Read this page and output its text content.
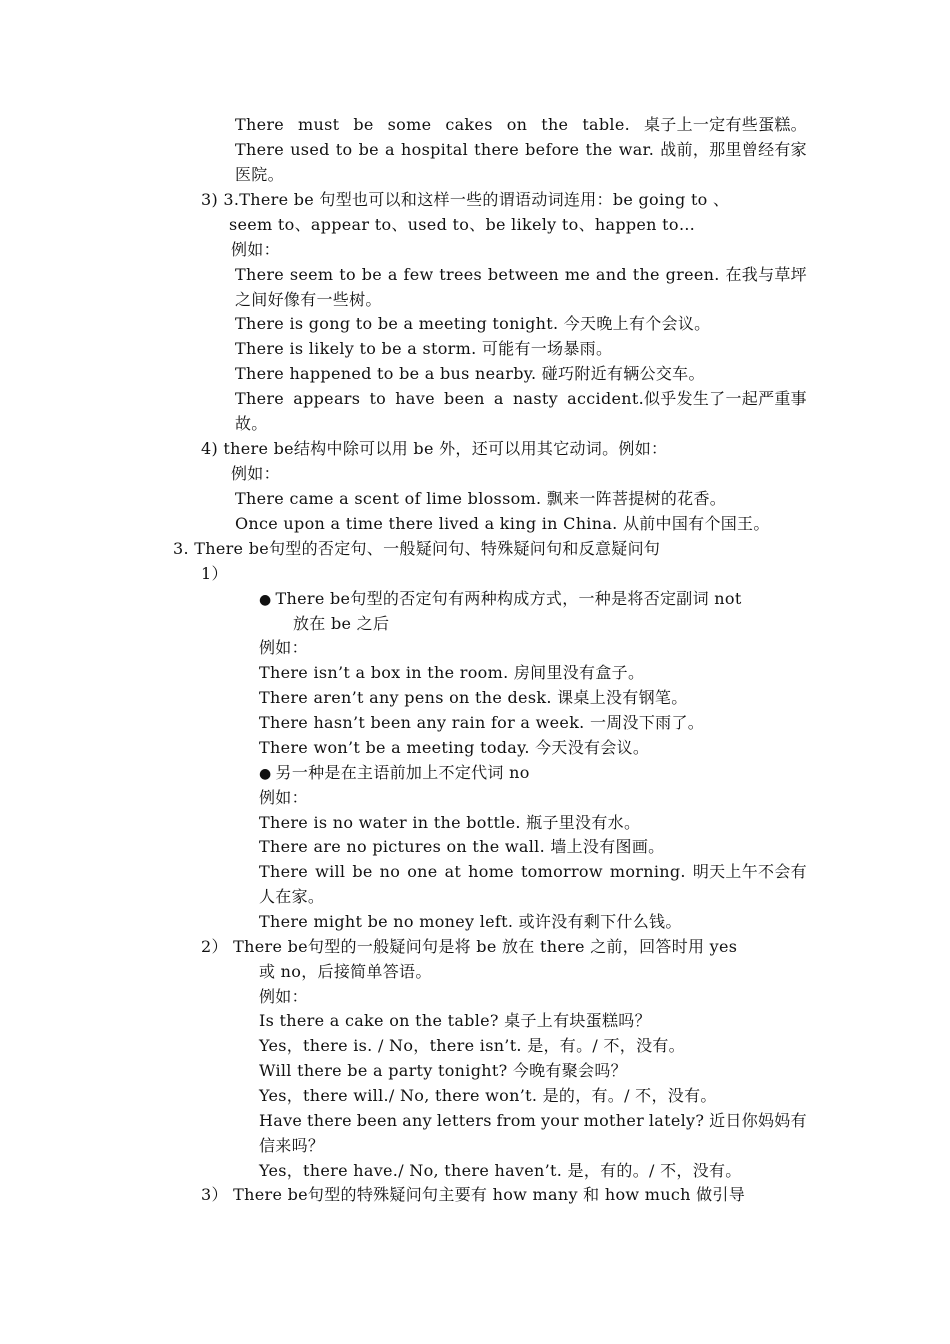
There must be some cakes on the table. 桌子上一定有些蛋糕。
There used to be a hospital there before the war. 战前，那里曾经有家
医院。
3) 3.There be 句型也可以和这样一些的谓语动词连用：be going to 、
seem to、appear to、used to、be likely to、happen to…
例如：
There seem to be a few trees between me and the green. 在我与草坪
之间好像有一些树。
There is gong to be a meeting tonight. 今天晚上有个会议。
There is likely to be a storm. 可能有一场暴雨。
There happened to be a bus nearby. 碰巧附近有辆公交车。
There appears to have been a nasty accident.似乎发生了一起严重事
故。
4) there be结构中除可以用 be 外，还可以用其它动词。例如：
例如：
There came a scent of lime blossom. 飘来一阵菩提树的花香。
Once upon a time there lived a king in China. 从前中国有个国王。
3. There be句型的否定句、一般疑问句、特殊疑问句和反意疑问句
1）
● There be句型的否定句有两种构成方式，一种是将否定副词 not
放在 be 之后
例如：
There isn’t a box in the room. 房间里没有盒子。
There aren’t any pens on the desk. 课桌上没有钢笔。
There hasn’t been any rain for a week. 一周没下雨了。
There won’t be a meeting today. 今天没有会议。
● 另一种是在主语前加上不定代词 no
例如：
There is no water in the bottle. 瓶子里没有水。
There are no pictures on the wall. 墙上没有图画。
There will be no one at home tomorrow morning. 明天上午不会有
人在家。
There might be no money left. 或许没有剩下什么钱。
2） There be句型的一般疑问句是将 be 放在 there 之前，回答时用 yes
或 no，后接简单答语。
例如：
Is there a cake on the table? 桌子上有块蛋糕吗？
Yes，there is. / No，there isn’t. 是，有。/ 不，没有。
Will there be a party tonight? 今晚有聚会吗？
Yes，there will./ No, there won’t. 是的，有。/ 不，没有。
Have there been any letters from your mother lately? 近日你妈妈有
信来吗？
Yes，there have./ No, there haven’t. 是，有的。/ 不，没有。
3） There be句型的特殊疑问句主要有 how many 和 how much 做引导
